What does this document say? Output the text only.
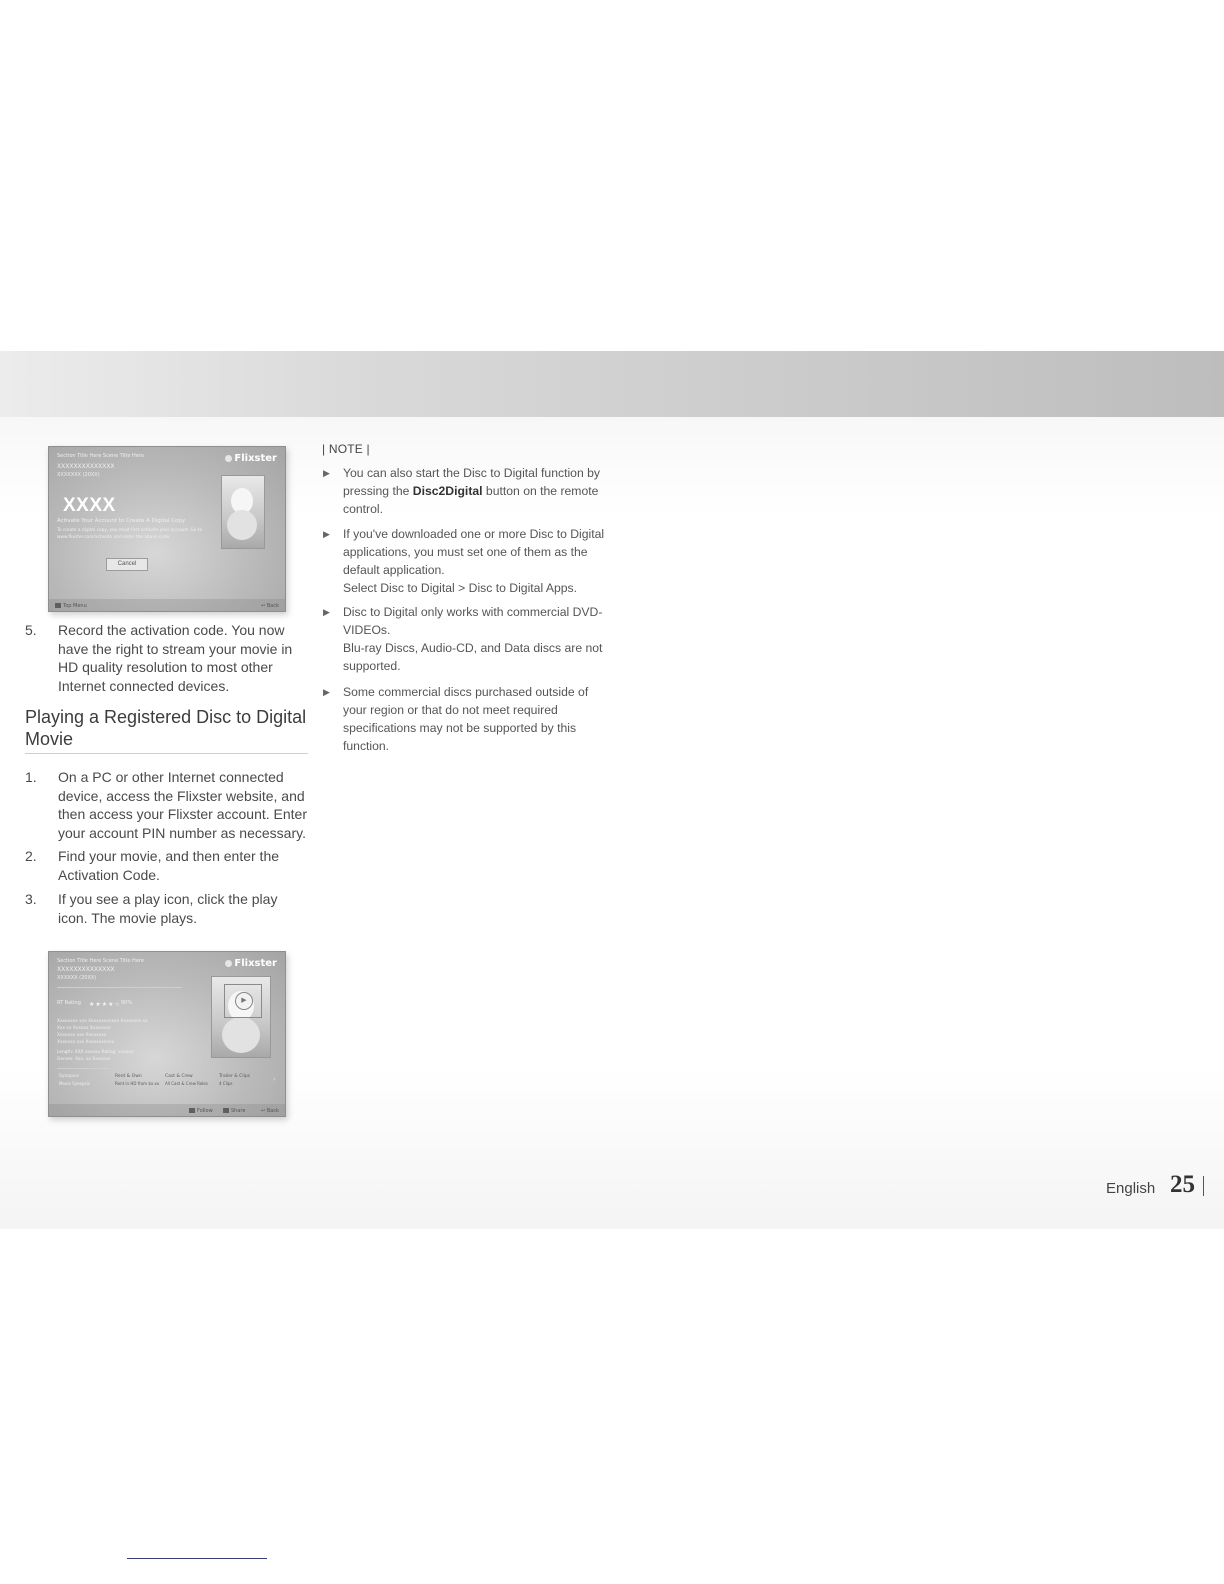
Section Title Here Scene Title Here	Flixster
XXXXXXXXXXXXXX
XXXXXXX (20XX)
XXXX
Activate Your Account to Create A Digital Copy
To create a digital copy, you must first activate your account. Go to
www.flixster.com/activate and enter the above code.
Cancel
Top Menu	↩ Back
5. Record the activation code. You now have the right to stream your movie in HD quality resolution to most other Internet connected devices.
Playing a Registered Disc to Digital Movie
1. On a PC or other Internet connected device, access the Flixster website, and then access your Flixster account. Enter your account PIN number as necessary.
2. Find your movie, and then enter the Activation Code.
3. If you see a play icon, click the play icon. The movie plays.
Section Title Here Scene Title Here	Flixster
XXXXXXXXXXXXXX
XXXXXX (20XX)
RT Rating ★★★★☆ 90%
Xxxxxxxx xxx Xxxxxxxxxxxx Xxxxxxxx xx
Xxx xx Xxxxxx Xxxxxxxx
Xxxxxxx xxx Xxxxxxxx
Xxxxxxx xxx Xxxxxxxxxxx
Length: XXX xxxxxx Rating: xxxxxx
Genres: Xxx, xx Xxxxxxx
▶
Synopsis	Rent & Own	Cast & Crew	Trailer & Clips
Movie Synopsis	Rent in HD from $x.xx All Cast & Crew Roles	4 Clips
›
Follow	Share	↩ Back
| NOTE |
▶ You can also start the Disc to Digital function by pressing the Disc2Digital button on the remote control.
▶ If you've downloaded one or more Disc to Digital applications, you must set one of them as the default application.
Select Disc to Digital > Disc to Digital Apps.
▶ Disc to Digital only works with commercial DVD-VIDEOs.
Blu-ray Discs, Audio-CD, and Data discs are not supported.
▶ Some commercial discs purchased outside of your region or that do not meet required specifications may not be supported by this function.
English 25
